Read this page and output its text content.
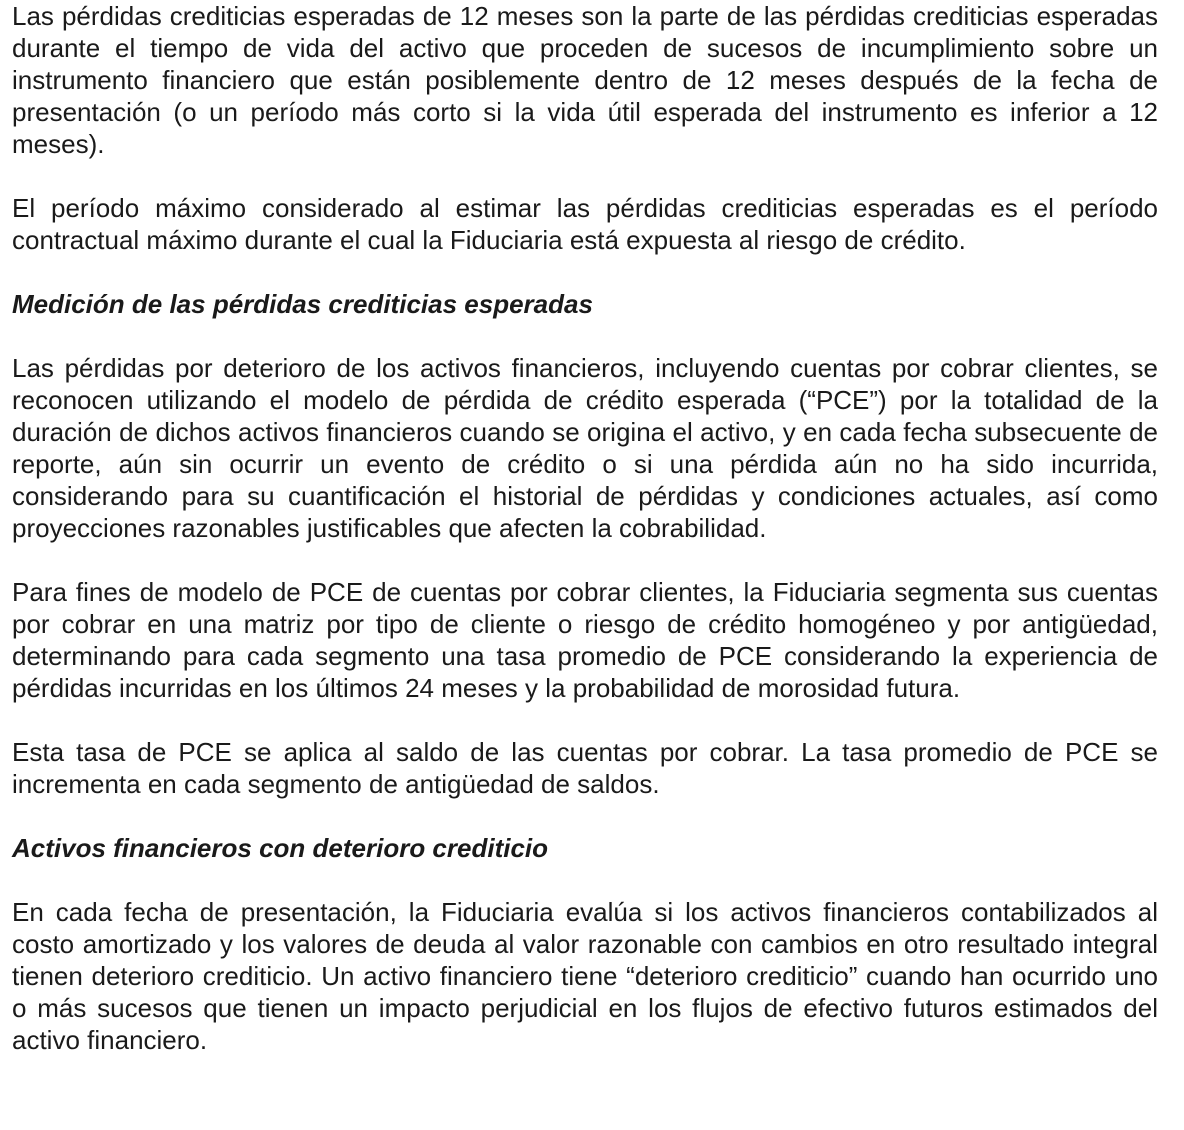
Las pérdidas crediticias esperadas de 12 meses son la parte de las pérdidas crediticias esperadas durante el tiempo de vida del activo que proceden de sucesos de incumplimiento sobre un instrumento financiero que están posiblemente dentro de 12 meses después de la fecha de presentación (o un período más corto si la vida útil esperada del instrumento es inferior a 12 meses).

El período máximo considerado al estimar las pérdidas crediticias esperadas es el período contractual máximo durante el cual la Fiduciaria está expuesta al riesgo de crédito.

Medición de las pérdidas crediticias esperadas

Las pérdidas por deterioro de los activos financieros, incluyendo cuentas por cobrar clientes, se reconocen utilizando el modelo de pérdida de crédito esperada (“PCE”) por la totalidad de la duración de dichos activos financieros cuando se origina el activo, y en cada fecha subsecuente de reporte, aún sin ocurrir un evento de crédito o si una pérdida aún no ha sido incurrida, considerando para su cuantificación el historial de pérdidas y condiciones actuales, así como proyecciones razonables justificables que afecten la cobrabilidad.

Para fines de modelo de PCE de cuentas por cobrar clientes, la Fiduciaria segmenta sus cuentas por cobrar en una matriz por tipo de cliente o riesgo de crédito homogéneo y por antigüedad, determinando para cada segmento una tasa promedio de PCE considerando la experiencia de pérdidas incurridas en los últimos 24 meses y la probabilidad de morosidad futura.

Esta tasa de PCE se aplica al saldo de las cuentas por cobrar. La tasa promedio de PCE se incrementa en cada segmento de antigüedad de saldos.

Activos financieros con deterioro crediticio

En cada fecha de presentación, la Fiduciaria evalúa si los activos financieros contabilizados al costo amortizado y los valores de deuda al valor razonable con cambios en otro resultado integral tienen deterioro crediticio. Un activo financiero tiene “deterioro crediticio” cuando han ocurrido uno o más sucesos que tienen un impacto perjudicial en los flujos de efectivo futuros estimados del activo financiero.
